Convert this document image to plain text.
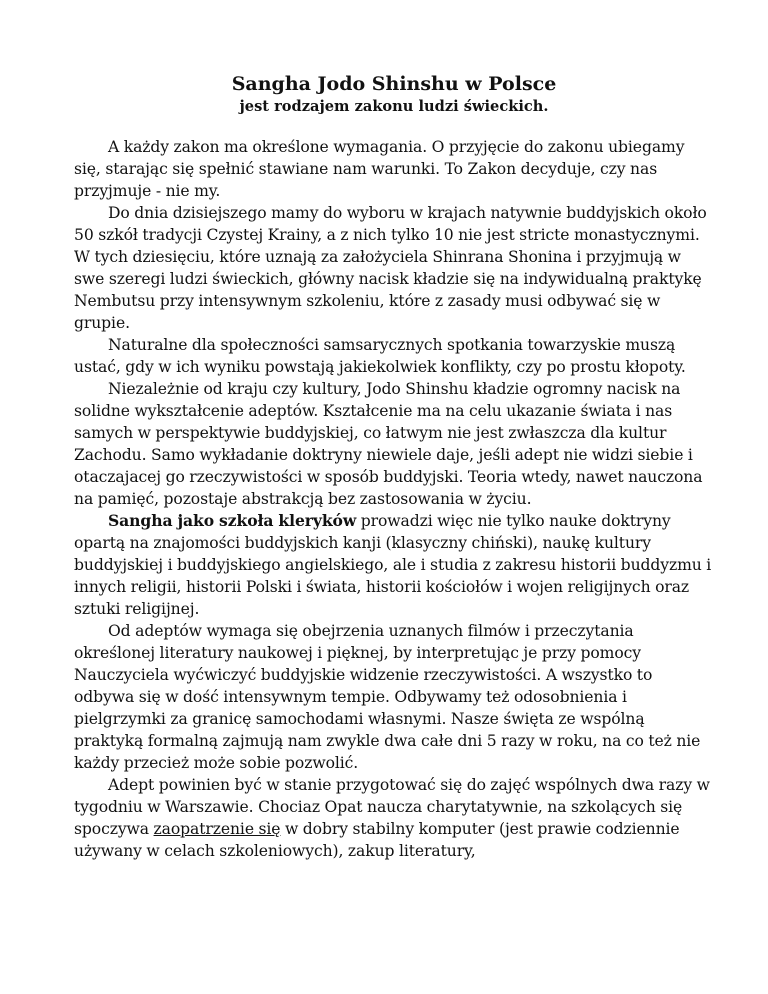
Sangha Jodo Shinshu w Polsce
jest rodzajem zakonu ludzi świeckich.

A każdy zakon ma określone wymagania. O przyjęcie do zakonu ubiegamy się, starając się spełnić stawiane nam warunki. To Zakon decyduje, czy nas przyjmuje - nie my.

Do dnia dzisiejszego mamy do wyboru w krajach natywnie buddyjskich około 50 szkół tradycji Czystej Krainy, a z nich tylko 10 nie jest stricte monastycznymi. W tych dziesięciu, które uznają za założyciela Shinrana Shonina i przyjmują w swe szeregi ludzi świeckich, główny nacisk kładzie się na indywidualną praktykę Nembutsu przy intensywnym szkoleniu, które z zasady musi odbywać się w grupie.

Naturalne dla społeczności samsarycznych spotkania towarzyskie muszą ustać, gdy w ich wyniku powstają jakiekolwiek konflikty, czy po prostu kłopoty.

Niezależnie od kraju czy kultury, Jodo Shinshu kładzie ogromny nacisk na solidne wykształcenie adeptów. Kształcenie ma na celu ukazanie świata i nas samych w perspektywie buddyjskiej, co łatwym nie jest zwłaszcza dla kultur Zachodu. Samo wykładanie doktryny niewiele daje, jeśli adept nie widzi siebie i otaczajacej go rzeczywistości w sposób buddyjski. Teoria wtedy, nawet nauczona na pamięć, pozostaje abstrakcją bez zastosowania w życiu.

Sangha jako szkoła kleryków prowadzi więc nie tylko nauke doktryny opartą na znajomości buddyjskich kanji (klasyczny chiński), naukę kultury buddyjskiej i buddyjskiego angielskiego, ale i studia z zakresu historii buddyzmu i innych religii, historii Polski i świata, historii kościołów i wojen religijnych oraz sztuki religijnej.

Od adeptów wymaga się obejrzenia uznanych filmów i przeczytania określonej literatury naukowej i pięknej, by interpretując je przy pomocy Nauczyciela wyćwiczyć buddyjskie widzenie rzeczywistości. A wszystko to odbywa się w dość intensywnym tempie. Odbywamy też odosobnienia i pielgrzymki za granicę samochodami własnymi. Nasze święta ze wspólną praktyką formalną zajmują nam zwykle dwa całe dni 5 razy w roku, na co też nie każdy przecież może sobie pozwolić.

Adept powinien być w stanie przygotować się do zajęć wspólnych dwa razy w tygodniu w Warszawie. Chociaz Opat naucza charytatywnie, na szkolących się spoczywa zaopatrzenie się w dobry stabilny komputer (jest prawie codziennie używany w celach szkoleniowych), zakup literatury,
